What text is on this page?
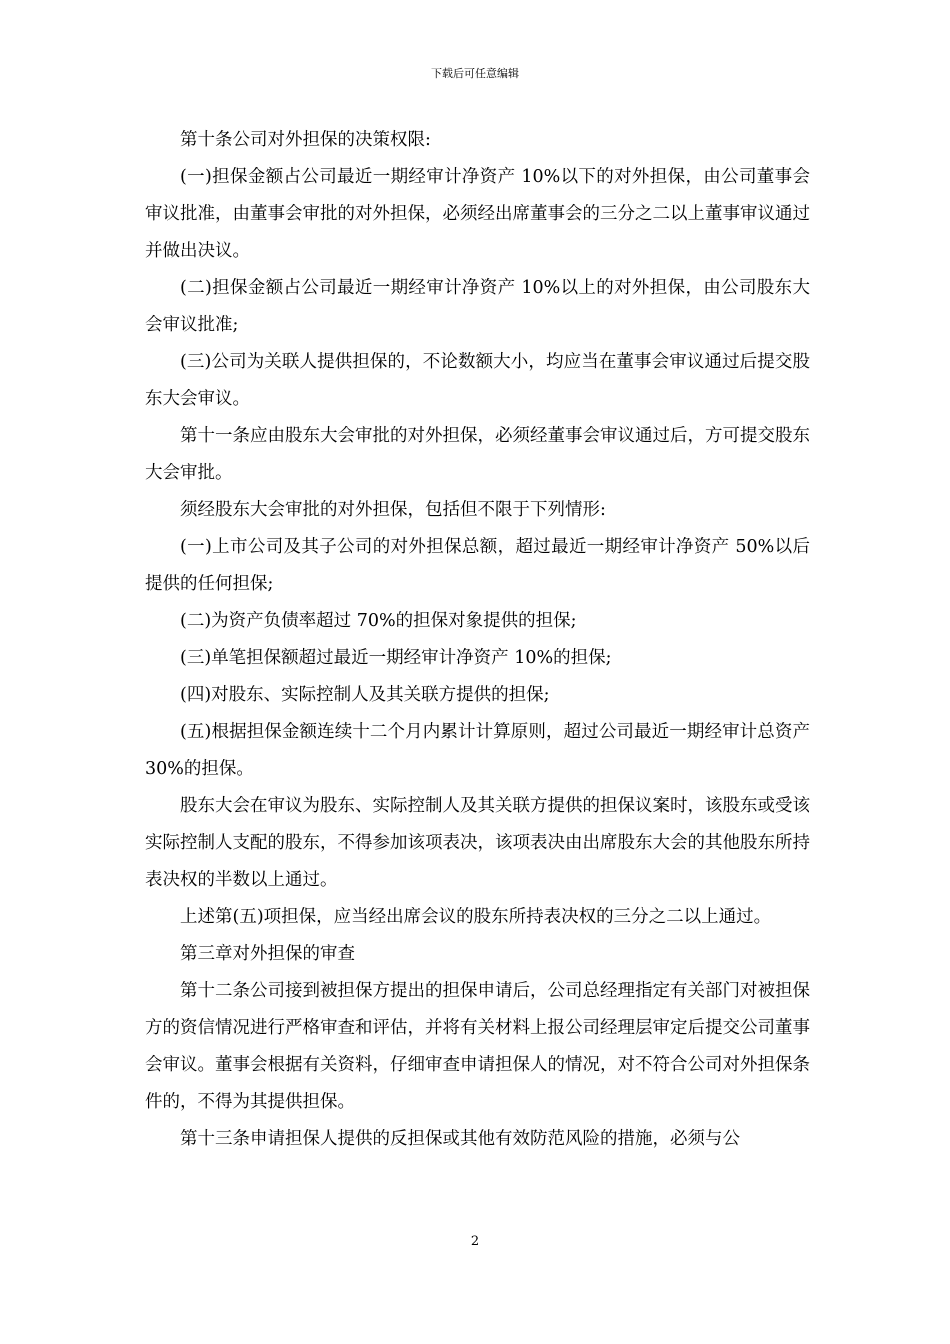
下载后可任意编辑

第十条公司对外担保的决策权限:

(一)担保金额占公司最近一期经审计净资产 10%以下的对外担保，由公司董事会审议批准，由董事会审批的对外担保，必须经出席董事会的三分之二以上董事审议通过并做出决议。

(二)担保金额占公司最近一期经审计净资产 10%以上的对外担保，由公司股东大会审议批准;

(三)公司为关联人提供担保的，不论数额大小，均应当在董事会审议通过后提交股东大会审议。

第十一条应由股东大会审批的对外担保，必须经董事会审议通过后，方可提交股东大会审批。

须经股东大会审批的对外担保，包括但不限于下列情形:

(一)上市公司及其子公司的对外担保总额，超过最近一期经审计净资产 50%以后提供的任何担保;

(二)为资产负债率超过 70%的担保对象提供的担保;

(三)单笔担保额超过最近一期经审计净资产 10%的担保;

(四)对股东、实际控制人及其关联方提供的担保;

(五)根据担保金额连续十二个月内累计计算原则，超过公司最近一期经审计总资产 30%的担保。

股东大会在审议为股东、实际控制人及其关联方提供的担保议案时，该股东或受该实际控制人支配的股东，不得参加该项表决，该项表决由出席股东大会的其他股东所持表决权的半数以上通过。

上述第(五)项担保，应当经出席会议的股东所持表决权的三分之二以上通过。

第三章对外担保的审查

第十二条公司接到被担保方提出的担保申请后，公司总经理指定有关部门对被担保方的资信情况进行严格审查和评估，并将有关材料上报公司经理层审定后提交公司董事会审议。董事会根据有关资料，仔细审查申请担保人的情况，对不符合公司对外担保条件的，不得为其提供担保。

第十三条申请担保人提供的反担保或其他有效防范风险的措施，必须与公

2
